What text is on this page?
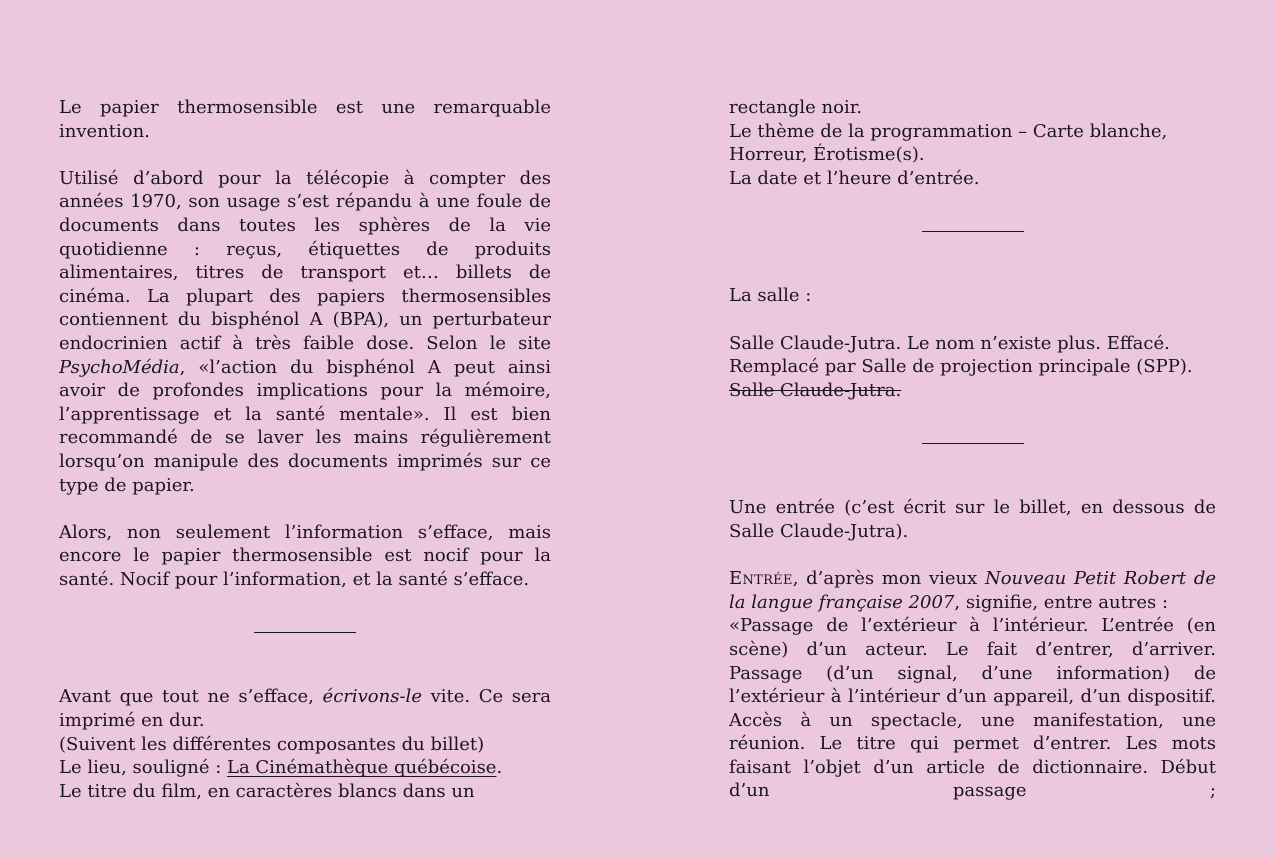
Le papier thermosensible est une remarquable invention.

Utilisé d’abord pour la télécopie à compter des années 1970, son usage s’est répandu à une foule de documents dans toutes les sphères de la vie quotidienne : reçus, étiquettes de produits alimentaires, titres de transport et… billets de cinéma. La plupart des papiers thermosensibles contiennent du bisphénol A (BPA), un perturbateur endocrinien actif à très faible dose. Selon le site PsychoMédia, «l’action du bisphénol A peut ainsi avoir de profondes implications pour la mémoire, l’apprentissage et la santé mentale». Il est bien recommandé de se laver les mains régulièrement lorsqu’on manipule des documents imprimés sur ce type de papier.

Alors, non seulement l’information s’efface, mais encore le papier thermosensible est nocif pour la santé. Nocif pour l’information, et la santé s’efface.

Avant que tout ne s’efface, écrivons-le vite. Ce sera imprimé en dur.

(Suivent les différentes composantes du billet)
Le lieu, souligné : La Cinémathèque québécoise.
Le titre du film, en caractères blancs dans un
rectangle noir.
Le thème de la programmation – Carte blanche, Horreur, Érotisme(s).
La date et l’heure d’entrée.
La salle :
Salle Claude-Jutra. Le nom n’existe plus. Effacé.
Remplacé par Salle de projection principale (SPP).
Salle Claude-Jutra.

Une entrée (c’est écrit sur le billet, en dessous de Salle Claude-Jutra).

Entrée, d’après mon vieux Nouveau Petit Robert de la langue française 2007, signifie, entre autres :

«Passage de l’extérieur à l’intérieur. L’entrée (en scène) d’un acteur. Le fait d’entrer, d’arriver. Passage (d’un signal, d’une information) de l’extérieur à l’intérieur d’un appareil, d’un dispositif. Accès à un spectacle, une manifestation, une réunion. Le titre qui permet d’entrer. Les mots faisant l’objet d’un article de dictionnaire. Début d’un passage ;
